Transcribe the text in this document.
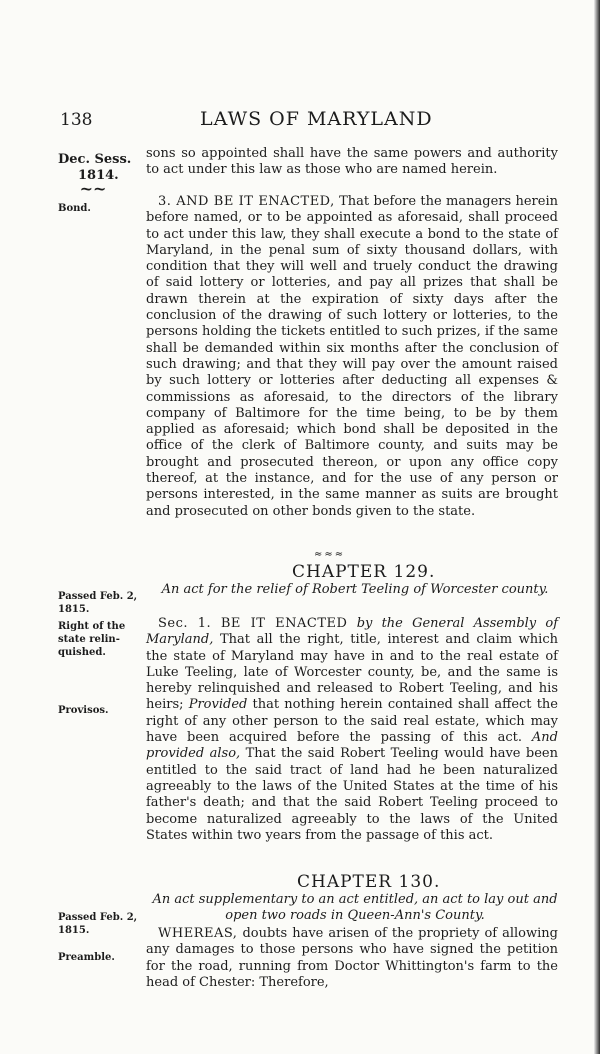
138	LAWS OF MARYLAND
Dec. Sess.
1814.
~~
Bond.
Passed Feb. 2,
1815.
Right of the
state relin-
quished.
Provisos.
Passed Feb. 2,
1815.
Preamble.

sons so appointed shall have the same powers and authority to act under this law as those who are named herein.

3. AND BE IT ENACTED, That before the managers herein before named, or to be appointed as aforesaid, shall proceed to act under this law, they shall execute a bond to the state of Maryland, in the penal sum of sixty thousand dollars, with condition that they will well and truely conduct the drawing of said lottery or lotteries, and pay all prizes that shall be drawn therein at the expiration of sixty days after the conclusion of the drawing of such lottery or lotteries, to the persons holding the tickets entitled to such prizes, if the same shall be demanded within six months after the conclusion of such drawing; and that they will pay over the amount raised by such lottery or lotteries after deducting all expenses & commissions as aforesaid, to the directors of the library company of Baltimore for the time being, to be by them applied as aforesaid; which bond shall be deposited in the office of the clerk of Baltimore county, and suits may be brought and prosecuted thereon, or upon any office copy thereof, at the instance, and for the use of any person or persons interested, in the same manner as suits are brought and prosecuted on other bonds given to the state.

≈≈≈
CHAPTER 129.
An act for the relief of Robert Teeling of Worcester county.

Sec. 1. BE IT ENACTED by the General Assembly of Maryland, That all the right, title, interest and claim which the state of Maryland may have in and to the real estate of Luke Teeling, late of Worcester county, be, and the same is hereby relinquished and released to Robert Teeling, and his heirs; Provided that nothing herein contained shall affect the right of any other person to the said real estate, which may have been acquired before the passing of this act. And provided also, That the said Robert Teeling would have been entitled to the said tract of land had he been naturalized agreeably to the laws of the United States at the time of his father's death; and that the said Robert Teeling proceed to become naturalized agreeably to the laws of the United States within two years from the passage of this act.

CHAPTER 130.
An act supplementary to an act entitled, an act to lay out and open two roads in Queen-Ann's County.

WHEREAS, doubts have arisen of the propriety of allowing any damages to those persons who have signed the petition for the road, running from Doctor Whittington's farm to the head of Chester: Therefore,
